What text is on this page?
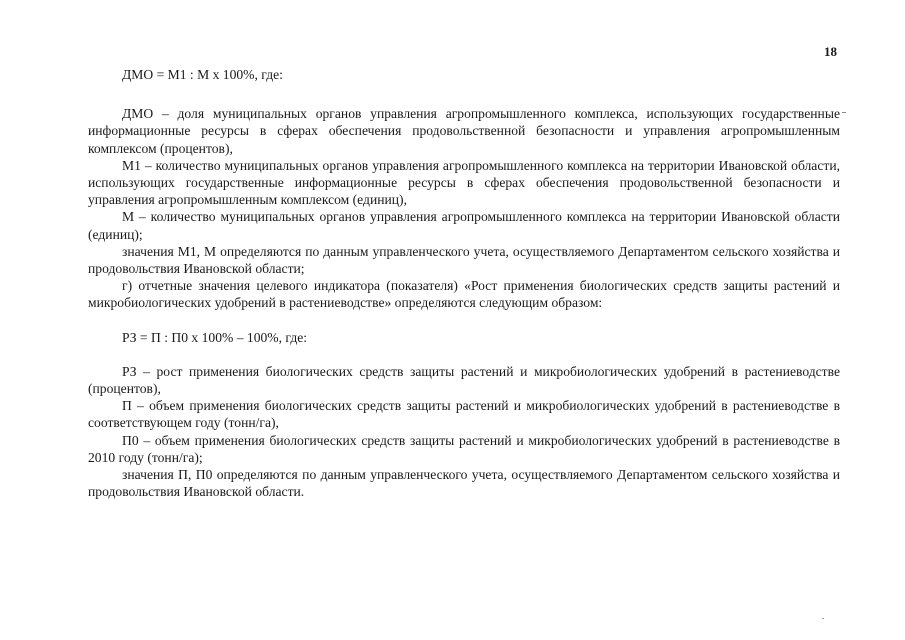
18

ДМО = М1 : М х 100%, где:

ДМО – доля муниципальных органов управления агропромышленного комплекса, использующих государственные информационные ресурсы в сферах обеспечения продовольственной безопасности и управления агропромышленным комплексом (процентов),

М1 – количество муниципальных органов управления агропромышленного комплекса на территории Ивановской области, использующих государственные информационные ресурсы в сферах обеспечения продовольственной безопасности и управления агропромышленным комплексом (единиц),

М – количество муниципальных органов управления агропромышленного комплекса на территории Ивановской области (единиц);

значения М1, М определяются по данным управленческого учета, осуществляемого Департаментом сельского хозяйства и продовольствия Ивановской области;

г) отчетные значения целевого индикатора (показателя) «Рост применения биологических средств защиты растений и микробиологических удобрений в растениеводстве» определяются следующим образом:

РЗ = П : П0 х 100% – 100%, где:

РЗ – рост применения биологических средств защиты растений и микробиологических удобрений в растениеводстве (процентов),

П – объем применения биологических средств защиты растений и микробиологических удобрений в растениеводстве в соответствующем году (тонн/га),

П0 – объем применения биологических средств защиты растений и микробиологических удобрений в растениеводстве в 2010 году (тонн/га);

значения П, П0 определяются по данным управленческого учета, осуществляемого Департаментом сельского хозяйства и продовольствия Ивановской области.
